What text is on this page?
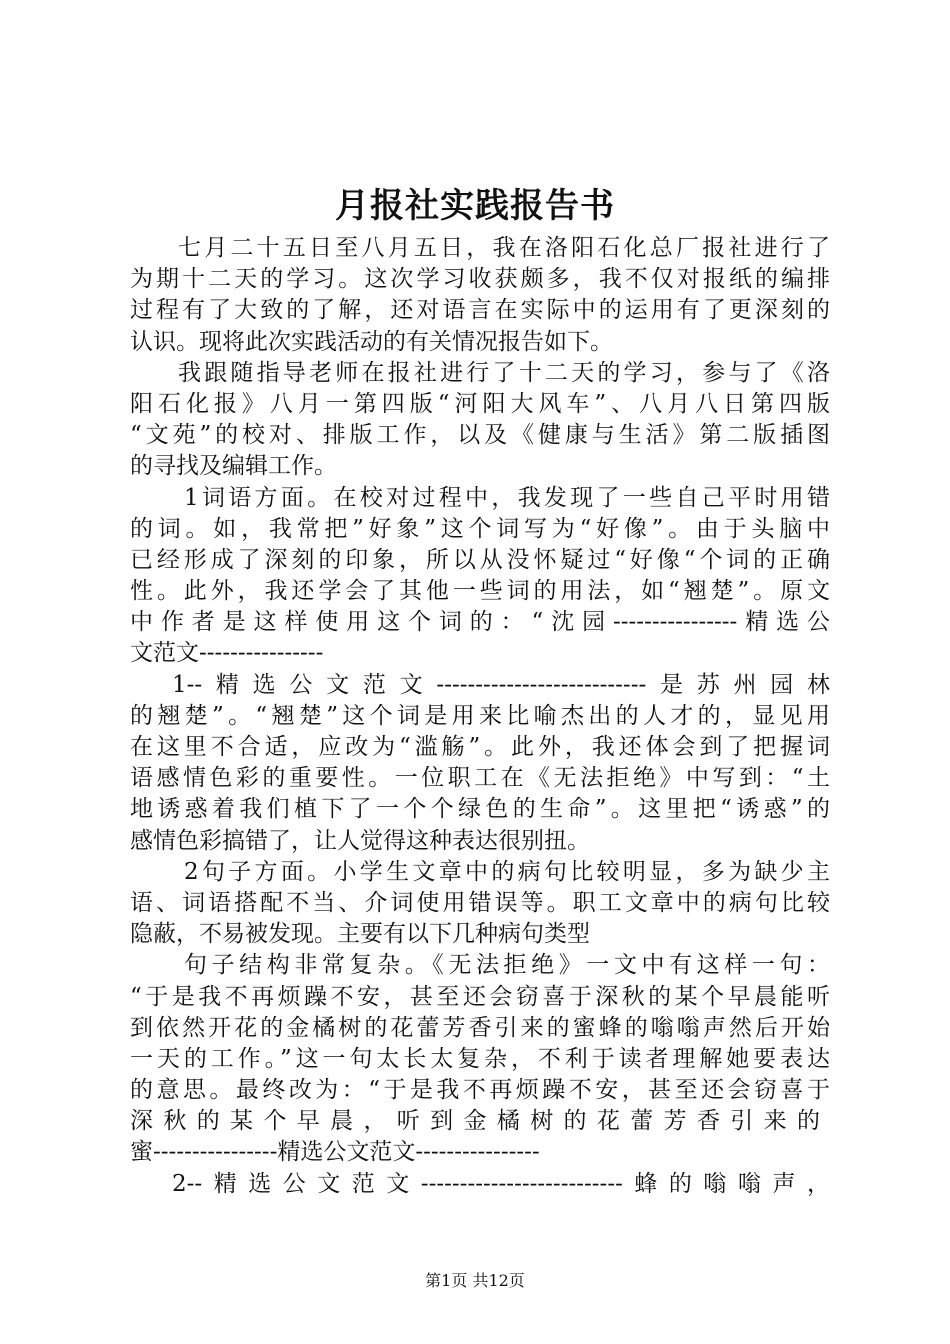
月报社实践报告书
七月二十五日至八月五日，我在洛阳石化总厂报社进行了
为期十二天的学习。这次学习收获颇多，我不仅对报纸的编排
过程有了大致的了解，还对语言在实际中的运用有了更深刻的
认识。现将此次实践活动的有关情况报告如下。
我跟随指导老师在报社进行了十二天的学习，参与了《洛
阳石化报》八月一第四版“河阳大风车”、八月八日第四版
“文苑”的校对、排版工作，以及《健康与生活》第二版插图
的寻找及编辑工作。
1词语方面。在校对过程中，我发现了一些自己平时用错
的词。如，我常把”好象”这个词写为“好像”。由于头脑中
已经形成了深刻的印象，所以从没怀疑过“好像“个词的正确
性。此外，我还学会了其他一些词的用法，如“翘楚”。原文
中作者是这样使用这个词的：“沈园----------------精选公
文范文----------------
1--精选公文范文---------------------------是苏州园林
的翘楚”。“翘楚”这个词是用来比喻杰出的人才的，显见用
在这里不合适，应改为“滥觞”。此外，我还体会到了把握词
语感情色彩的重要性。一位职工在《无法拒绝》中写到：“土
地诱惑着我们植下了一个个绿色的生命”。这里把“诱惑”的
感情色彩搞错了，让人觉得这种表达很别扭。
2句子方面。小学生文章中的病句比较明显，多为缺少主
语、词语搭配不当、介词使用错误等。职工文章中的病句比较
隐蔽，不易被发现。主要有以下几种病句类型
句子结构非常复杂。《无法拒绝》一文中有这样一句：
“于是我不再烦躁不安，甚至还会窃喜于深秋的某个早晨能听
到依然开花的金橘树的花蕾芳香引来的蜜蜂的嗡嗡声然后开始
一天的工作。”这一句太长太复杂，不利于读者理解她要表达
的意思。最终改为：“于是我不再烦躁不安，甚至还会窃喜于
深秋的某个早晨，听到金橘树的花蕾芳香引来的
蜜----------------精选公文范文----------------
2--精选公文范文--------------------------蜂的嗡嗡声，
第1页 共12页
